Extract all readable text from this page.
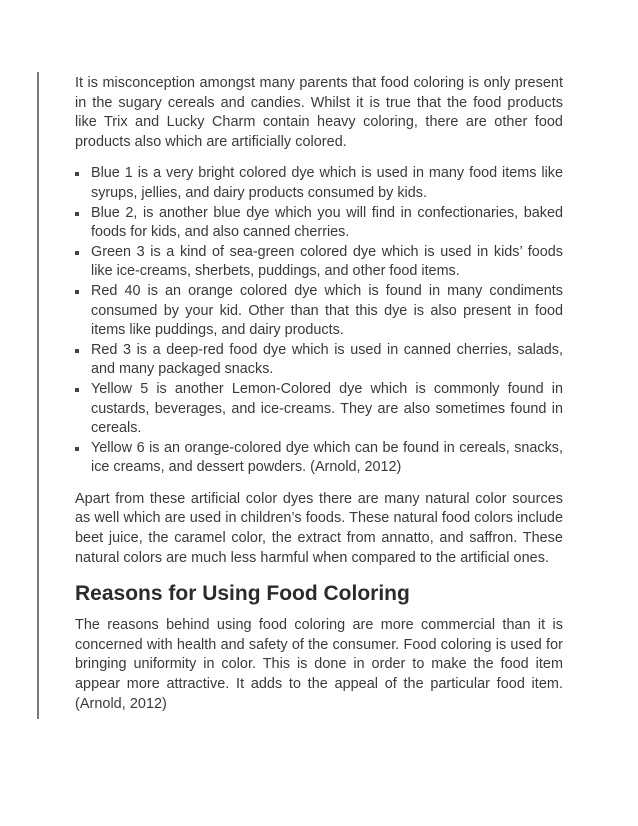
It is misconception amongst many parents that food coloring is only present in the sugary cereals and candies. Whilst it is true that the food products like Trix and Lucky Charm contain heavy coloring, there are other food products also which are artificially colored.

Blue 1 is a very bright colored dye which is used in many food items like syrups, jellies, and dairy products consumed by kids.
Blue 2, is another blue dye which you will find in confectionaries, baked foods for kids, and also canned cherries.
Green 3 is a kind of sea-green colored dye which is used in kids’ foods like ice-creams, sherbets, puddings, and other food items.
Red 40 is an orange colored dye which is found in many condiments consumed by your kid. Other than that this dye is also present in food items like puddings, and dairy products.
Red 3 is a deep-red food dye which is used in canned cherries, salads, and many packaged snacks.
Yellow 5 is another Lemon-Colored dye which is commonly found in custards, beverages, and ice-creams. They are also sometimes found in cereals.
Yellow 6 is an orange-colored dye which can be found in cereals, snacks, ice creams, and dessert powders. (Arnold, 2012)

Apart from these artificial color dyes there are many natural color sources as well which are used in children’s foods. These natural food colors include beet juice, the caramel color, the extract from annatto, and saffron. These natural colors are much less harmful when compared to the artificial ones.

Reasons for Using Food Coloring

The reasons behind using food coloring are more commercial than it is concerned with health and safety of the consumer. Food coloring is used for bringing uniformity in color. This is done in order to make the food item appear more attractive. It adds to the appeal of the particular food item. (Arnold, 2012)
